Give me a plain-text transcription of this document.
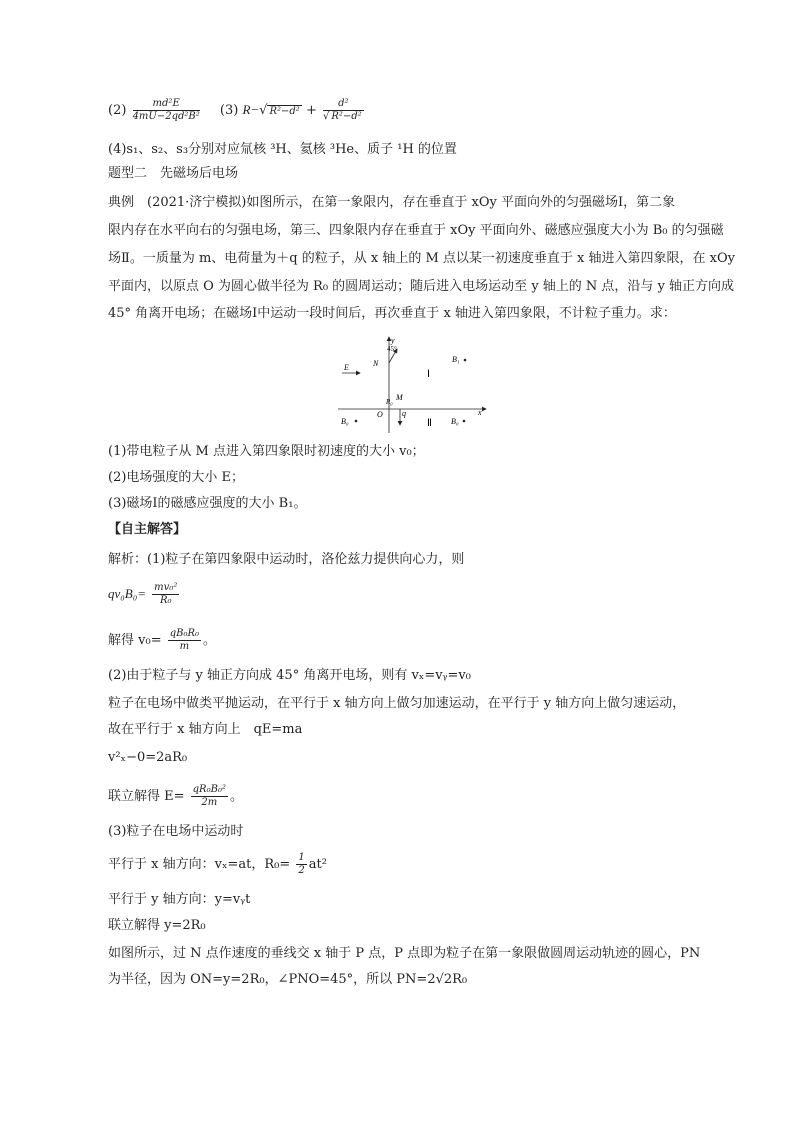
$(2) \frac{\text{md²E}}{\text{4mU−2qd²B²}} (3)$ R−√ $R^2-d^2 + \frac{\text{d²}}{\text{√ R²−d²}}$
(4)s₁、s₂、s₃分别对应氚核 ³H、氦核 ³He、质子 ¹H 的位置
题型二　先磁场后电场
典例　(2021·济宁模拟)如图所示，在第一象限内，存在垂直于 xOy 平面向外的匀强磁场Ⅰ，第二象
限内存在水平向右的匀强电场，第三、四象限内存在垂直于 xOy 平面向外、磁感应强度大小为 B₀ 的匀强磁
场Ⅱ。一质量为 m、电荷量为＋q 的粒子，从 x 轴上的 M 点以某一初速度垂直于 x 轴进入第四象限，在 xOy
平面内，以原点 O 为圆心做半径为 R₀ 的圆周运动；随后进入电场运动至 y 轴上的 N 点，沿与 y 轴正方向成
45° 角离开电场；在磁场Ⅰ中运动一段时间后，再次垂直于 x 轴进入第四象限，不计粒子重力。求：
y
45°
E	N
Ⅰ
B₁
M
R₀
O q	x
B₀	Ⅱ B₀
(1)带电粒子从 M 点进入第四象限时初速度的大小 v₀；
(2)电场强度的大小 E；
(3)磁场Ⅰ的磁感应强度的大小 B₁。
【自主解答】
解析：(1)粒子在第四象限中运动时，洛伦兹力提供向心力，则
$qv_0B_0= \frac{\text{mv₀²}}{\text{R₀}}$
解得 $v_0= \frac{\text{qB₀R₀}}{m}$ 。
(2)由于粒子与 y 轴正方向成 45° 角离开电场，则有 vₓ=vᵧ=v₀
粒子在电场中做类平抛运动，在平行于 x 轴方向上做匀加速运动，在平行于 y 轴方向上做匀速运动，
故在平行于 x 轴方向上　qE=ma
v²ₓ−0=2aR₀
联立解得 $E= \frac{\text{qR₀B₀²}}{2m}$ 。
(3)粒子在电场中运动时
平行于 x 轴方向：vₓ=at，$R_0= \frac{1}{2} at^2$
平行于 y 轴方向：y=vᵧt
联立解得 y=2R₀
如图所示，过 N 点作速度的垂线交 x 轴于 P 点，P 点即为粒子在第一象限做圆周运动轨迹的圆心，PN
为半径，因为 ON=y=2R₀，∠PNO=45°，所以 PN=2√2R₀
